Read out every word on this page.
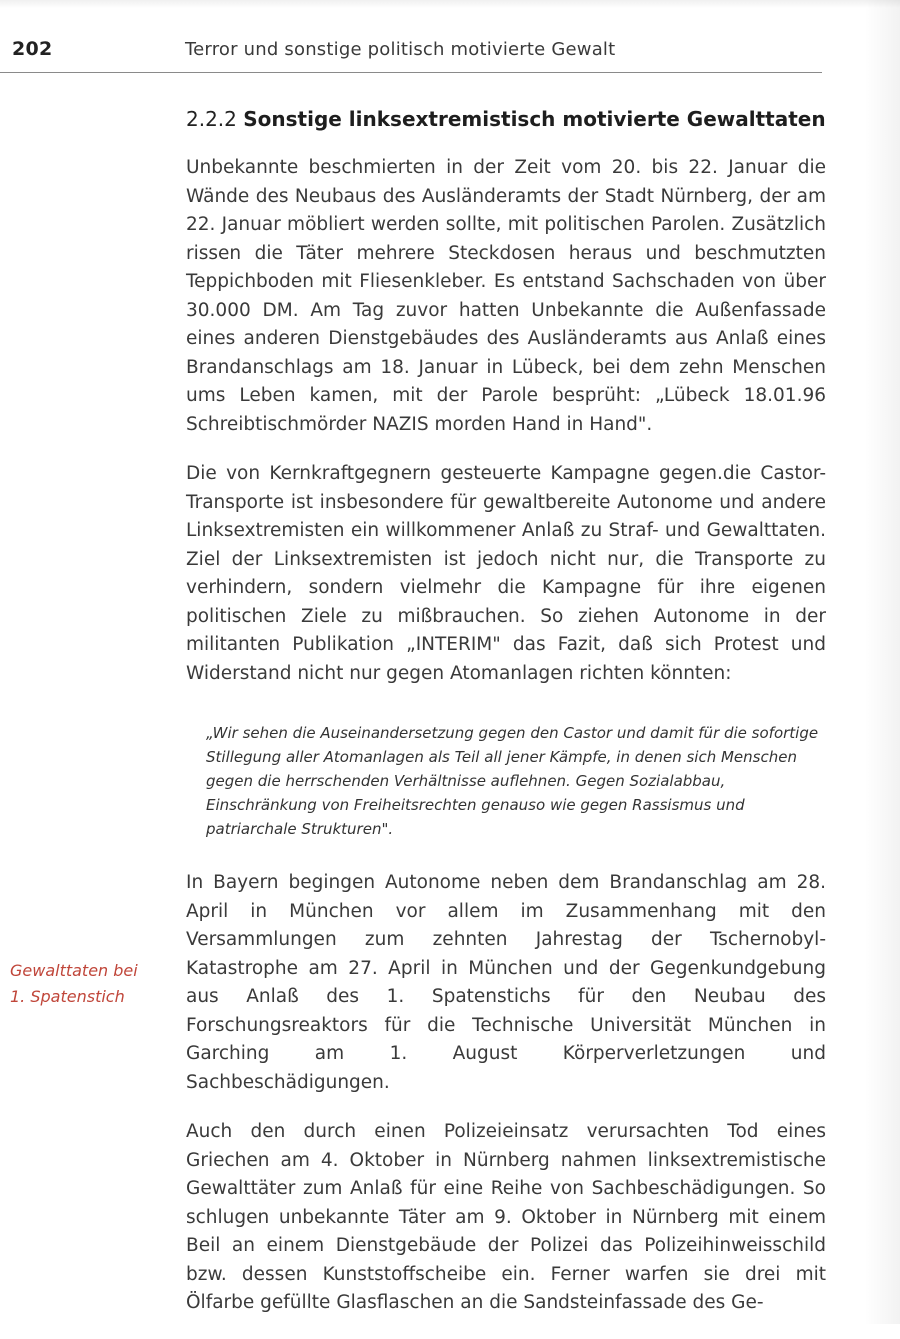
202	Terror und sonstige politisch motivierte Gewalt
2.2.2 Sonstige linksextremistisch motivierte Gewalttaten

Unbekannte beschmierten in der Zeit vom 20. bis 22. Januar die Wände des Neubaus des Ausländeramts der Stadt Nürnberg, der am 22. Januar möbliert werden sollte, mit politischen Parolen. Zusätzlich rissen die Täter mehrere Steckdosen heraus und beschmutzten Teppichboden mit Fliesenkleber. Es entstand Sachschaden von über 30.000 DM. Am Tag zuvor hatten Unbekannte die Außenfassade eines anderen Dienstgebäudes des Ausländeramts aus Anlaß eines Brandanschlags am 18. Januar in Lübeck, bei dem zehn Menschen ums Leben kamen, mit der Parole besprüht: „Lübeck 18.01.96 Schreibtischmörder NAZIS morden Hand in Hand".

Die von Kernkraftgegnern gesteuerte Kampagne gegen.die Castor-Transporte ist insbesondere für gewaltbereite Autonome und andere Linksextremisten ein willkommener Anlaß zu Straf- und Gewalttaten. Ziel der Linksextremisten ist jedoch nicht nur, die Transporte zu verhindern, sondern vielmehr die Kampagne für ihre eigenen politischen Ziele zu mißbrauchen. So ziehen Autonome in der militanten Publikation „INTERIM" das Fazit, daß sich Protest und Widerstand nicht nur gegen Atomanlagen richten könnten:

„Wir sehen die Auseinandersetzung gegen den Castor und damit für die sofortige Stillegung aller Atomanlagen als Teil all jener Kämpfe, in denen sich Menschen gegen die herrschenden Verhältnisse auflehnen. Gegen Sozialabbau, Einschränkung von Freiheitsrechten genauso wie gegen Rassismus und patriarchale Strukturen".

In Bayern begingen Autonome neben dem Brandanschlag am 28. April in München vor allem im Zusammenhang mit den Versammlungen zum zehnten Jahrestag der Tschernobyl-Katastrophe am 27. April in München und der Gegenkundgebung aus Anlaß des 1. Spatenstichs für den Neubau des Forschungsreaktors für die Technische Universität München in Garching am 1. August Körperverletzungen und Sachbeschädigungen.

Auch den durch einen Polizeieinsatz verursachten Tod eines Griechen am 4. Oktober in Nürnberg nahmen linksextremistische Gewalttäter zum Anlaß für eine Reihe von Sachbeschädigungen. So schlugen unbekannte Täter am 9. Oktober in Nürnberg mit einem Beil an einem Dienstgebäude der Polizei das Polizeihinweisschild bzw. dessen Kunststoffscheibe ein. Ferner warfen sie drei mit Ölfarbe gefüllte Glasflaschen an die Sandsteinfassade des Ge-

Gewalttaten bei
1. Spatenstich
